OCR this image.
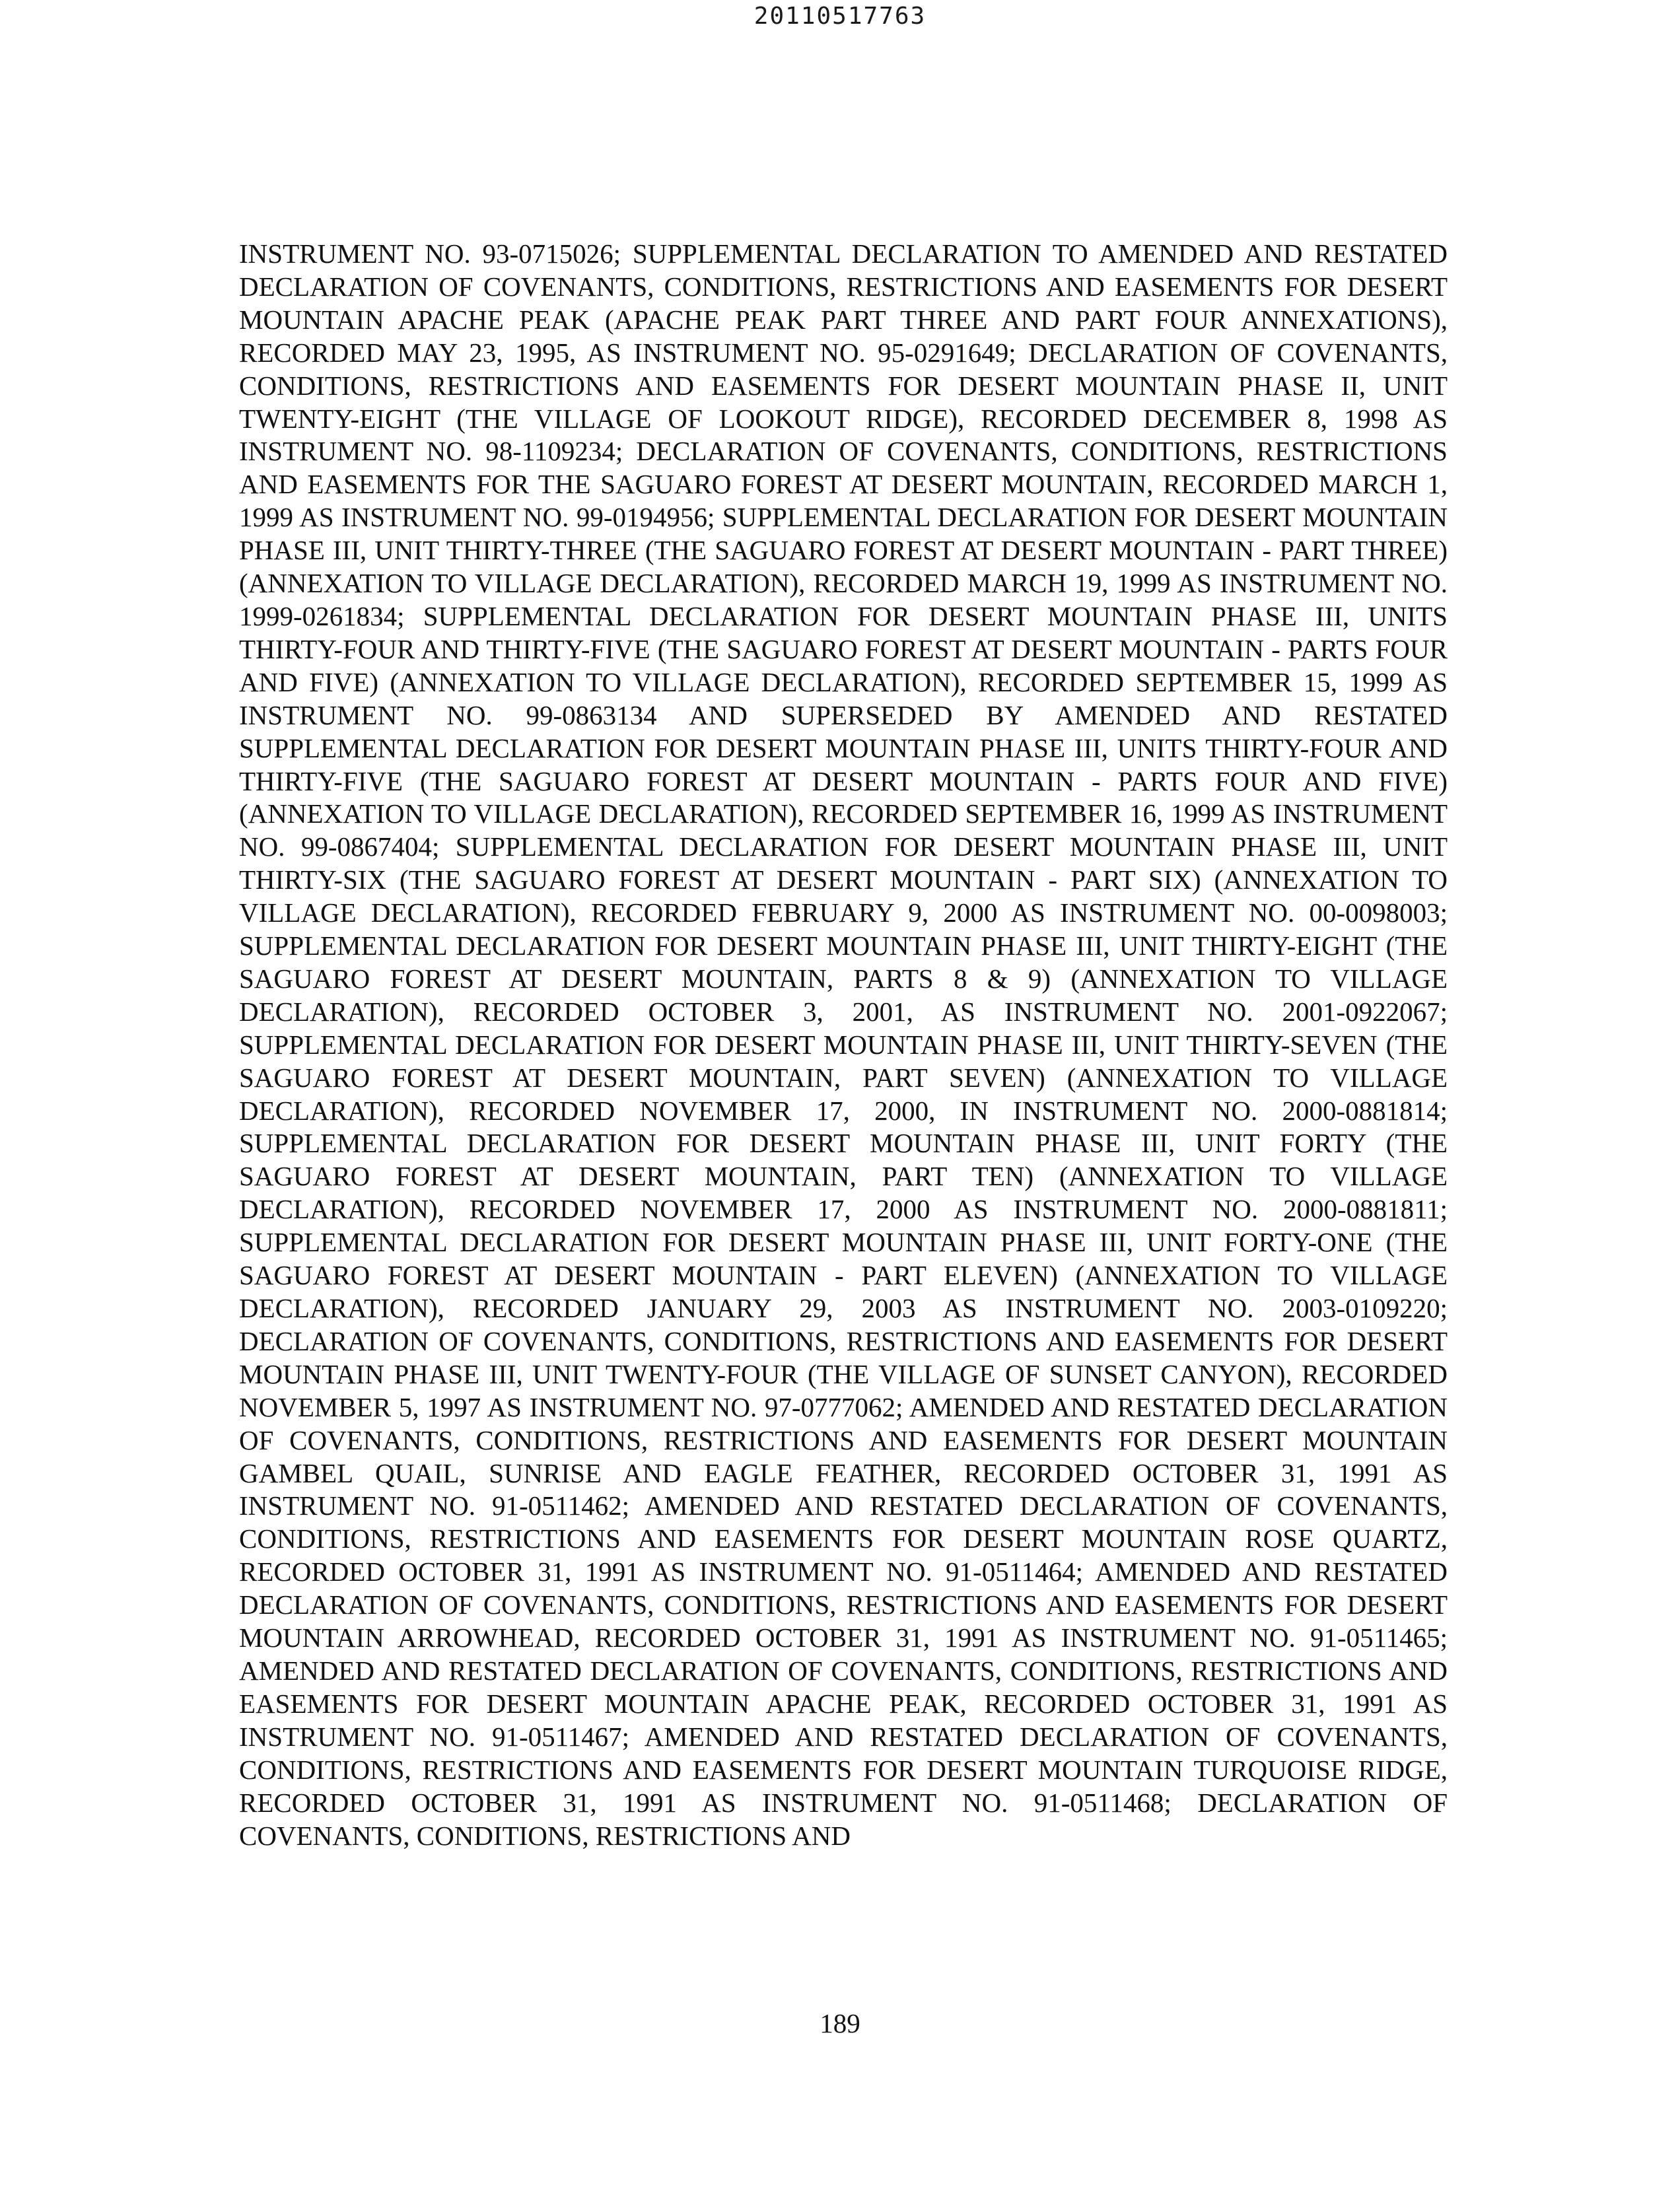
20110517763

INSTRUMENT NO. 93-0715026; SUPPLEMENTAL DECLARATION TO AMENDED AND RESTATED DECLARATION OF COVENANTS, CONDITIONS, RESTRICTIONS AND EASEMENTS FOR DESERT MOUNTAIN APACHE PEAK (APACHE PEAK PART THREE AND PART FOUR ANNEXATIONS), RECORDED MAY 23, 1995, AS INSTRUMENT NO. 95-0291649; DECLARATION OF COVENANTS, CONDITIONS, RESTRICTIONS AND EASEMENTS FOR DESERT MOUNTAIN PHASE II, UNIT TWENTY-EIGHT (THE VILLAGE OF LOOKOUT RIDGE), RECORDED DECEMBER 8, 1998 AS INSTRUMENT NO. 98-1109234; DECLARATION OF COVENANTS, CONDITIONS, RESTRICTIONS AND EASEMENTS FOR THE SAGUARO FOREST AT DESERT MOUNTAIN, RECORDED MARCH 1, 1999 AS INSTRUMENT NO. 99-0194956; SUPPLEMENTAL DECLARATION FOR DESERT MOUNTAIN PHASE III, UNIT THIRTY-THREE (THE SAGUARO FOREST AT DESERT MOUNTAIN - PART THREE) (ANNEXATION TO VILLAGE DECLARATION), RECORDED MARCH 19, 1999 AS INSTRUMENT NO. 1999-0261834; SUPPLEMENTAL DECLARATION FOR DESERT MOUNTAIN PHASE III, UNITS THIRTY-FOUR AND THIRTY-FIVE (THE SAGUARO FOREST AT DESERT MOUNTAIN - PARTS FOUR AND FIVE) (ANNEXATION TO VILLAGE DECLARATION), RECORDED SEPTEMBER 15, 1999 AS INSTRUMENT NO. 99-0863134 AND SUPERSEDED BY AMENDED AND RESTATED SUPPLEMENTAL DECLARATION FOR DESERT MOUNTAIN PHASE III, UNITS THIRTY-FOUR AND THIRTY-FIVE (THE SAGUARO FOREST AT DESERT MOUNTAIN - PARTS FOUR AND FIVE) (ANNEXATION TO VILLAGE DECLARATION), RECORDED SEPTEMBER 16, 1999 AS INSTRUMENT NO. 99-0867404; SUPPLEMENTAL DECLARATION FOR DESERT MOUNTAIN PHASE III, UNIT THIRTY-SIX (THE SAGUARO FOREST AT DESERT MOUNTAIN - PART SIX) (ANNEXATION TO VILLAGE DECLARATION), RECORDED FEBRUARY 9, 2000 AS INSTRUMENT NO. 00-0098003; SUPPLEMENTAL DECLARATION FOR DESERT MOUNTAIN PHASE III, UNIT THIRTY-EIGHT (THE SAGUARO FOREST AT DESERT MOUNTAIN, PARTS 8 & 9) (ANNEXATION TO VILLAGE DECLARATION), RECORDED OCTOBER 3, 2001, AS INSTRUMENT NO. 2001-0922067; SUPPLEMENTAL DECLARATION FOR DESERT MOUNTAIN PHASE III, UNIT THIRTY-SEVEN (THE SAGUARO FOREST AT DESERT MOUNTAIN, PART SEVEN) (ANNEXATION TO VILLAGE DECLARATION), RECORDED NOVEMBER 17, 2000, IN INSTRUMENT NO. 2000-0881814; SUPPLEMENTAL DECLARATION FOR DESERT MOUNTAIN PHASE III, UNIT FORTY (THE SAGUARO FOREST AT DESERT MOUNTAIN, PART TEN) (ANNEXATION TO VILLAGE DECLARATION), RECORDED NOVEMBER 17, 2000 AS INSTRUMENT NO. 2000-0881811; SUPPLEMENTAL DECLARATION FOR DESERT MOUNTAIN PHASE III, UNIT FORTY-ONE (THE SAGUARO FOREST AT DESERT MOUNTAIN - PART ELEVEN) (ANNEXATION TO VILLAGE DECLARATION), RECORDED JANUARY 29, 2003 AS INSTRUMENT NO. 2003-0109220; DECLARATION OF COVENANTS, CONDITIONS, RESTRICTIONS AND EASEMENTS FOR DESERT MOUNTAIN PHASE III, UNIT TWENTY-FOUR (THE VILLAGE OF SUNSET CANYON), RECORDED NOVEMBER 5, 1997 AS INSTRUMENT NO. 97-0777062; AMENDED AND RESTATED DECLARATION OF COVENANTS, CONDITIONS, RESTRICTIONS AND EASEMENTS FOR DESERT MOUNTAIN GAMBEL QUAIL, SUNRISE AND EAGLE FEATHER, RECORDED OCTOBER 31, 1991 AS INSTRUMENT NO. 91-0511462; AMENDED AND RESTATED DECLARATION OF COVENANTS, CONDITIONS, RESTRICTIONS AND EASEMENTS FOR DESERT MOUNTAIN ROSE QUARTZ, RECORDED OCTOBER 31, 1991 AS INSTRUMENT NO. 91-0511464; AMENDED AND RESTATED DECLARATION OF COVENANTS, CONDITIONS, RESTRICTIONS AND EASEMENTS FOR DESERT MOUNTAIN ARROWHEAD, RECORDED OCTOBER 31, 1991 AS INSTRUMENT NO. 91-0511465; AMENDED AND RESTATED DECLARATION OF COVENANTS, CONDITIONS, RESTRICTIONS AND EASEMENTS FOR DESERT MOUNTAIN APACHE PEAK, RECORDED OCTOBER 31, 1991 AS INSTRUMENT NO. 91-0511467; AMENDED AND RESTATED DECLARATION OF COVENANTS, CONDITIONS, RESTRICTIONS AND EASEMENTS FOR DESERT MOUNTAIN TURQUOISE RIDGE, RECORDED OCTOBER 31, 1991 AS INSTRUMENT NO. 91-0511468; DECLARATION OF COVENANTS, CONDITIONS, RESTRICTIONS AND

189
